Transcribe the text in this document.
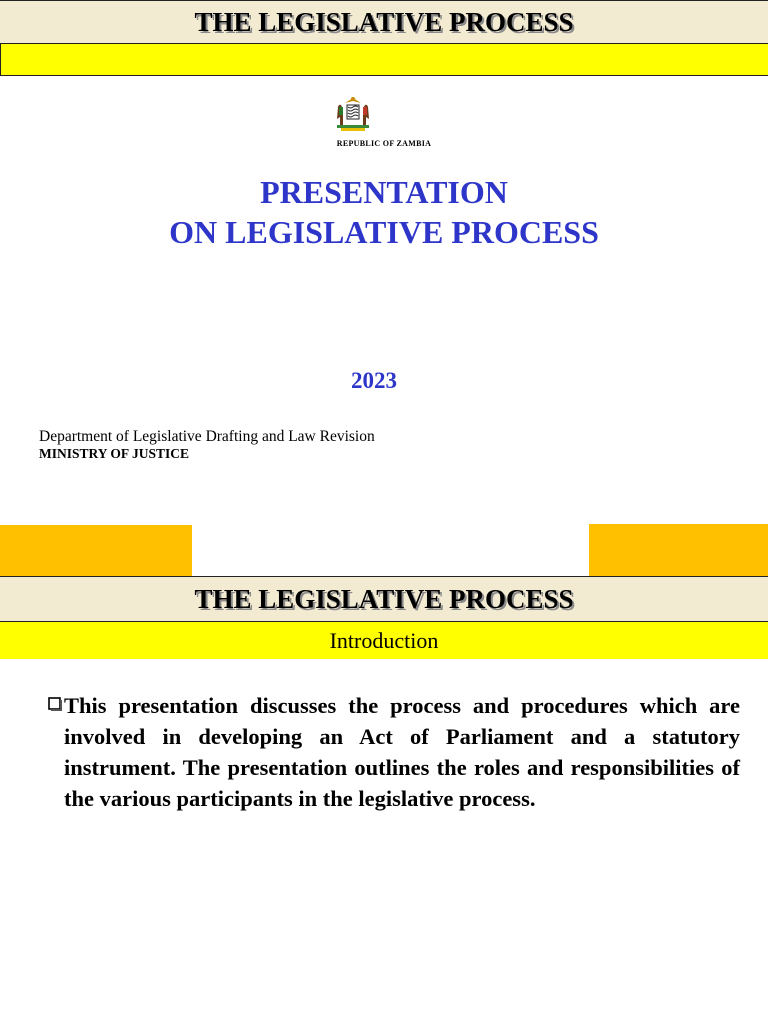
THE LEGISLATIVE PROCESS
REPUBLIC OF ZAMBIA
PRESENTATION
ON LEGISLATIVE PROCESS
2023
Department of Legislative Drafting and Law Revision
MINISTRY OF JUSTICE
THE LEGISLATIVE PROCESS
Introduction
This presentation discusses the process and procedures which are involved in developing an Act of Parliament and a statutory instrument. The presentation outlines the roles and responsibilities of the various participants in the legislative process.
